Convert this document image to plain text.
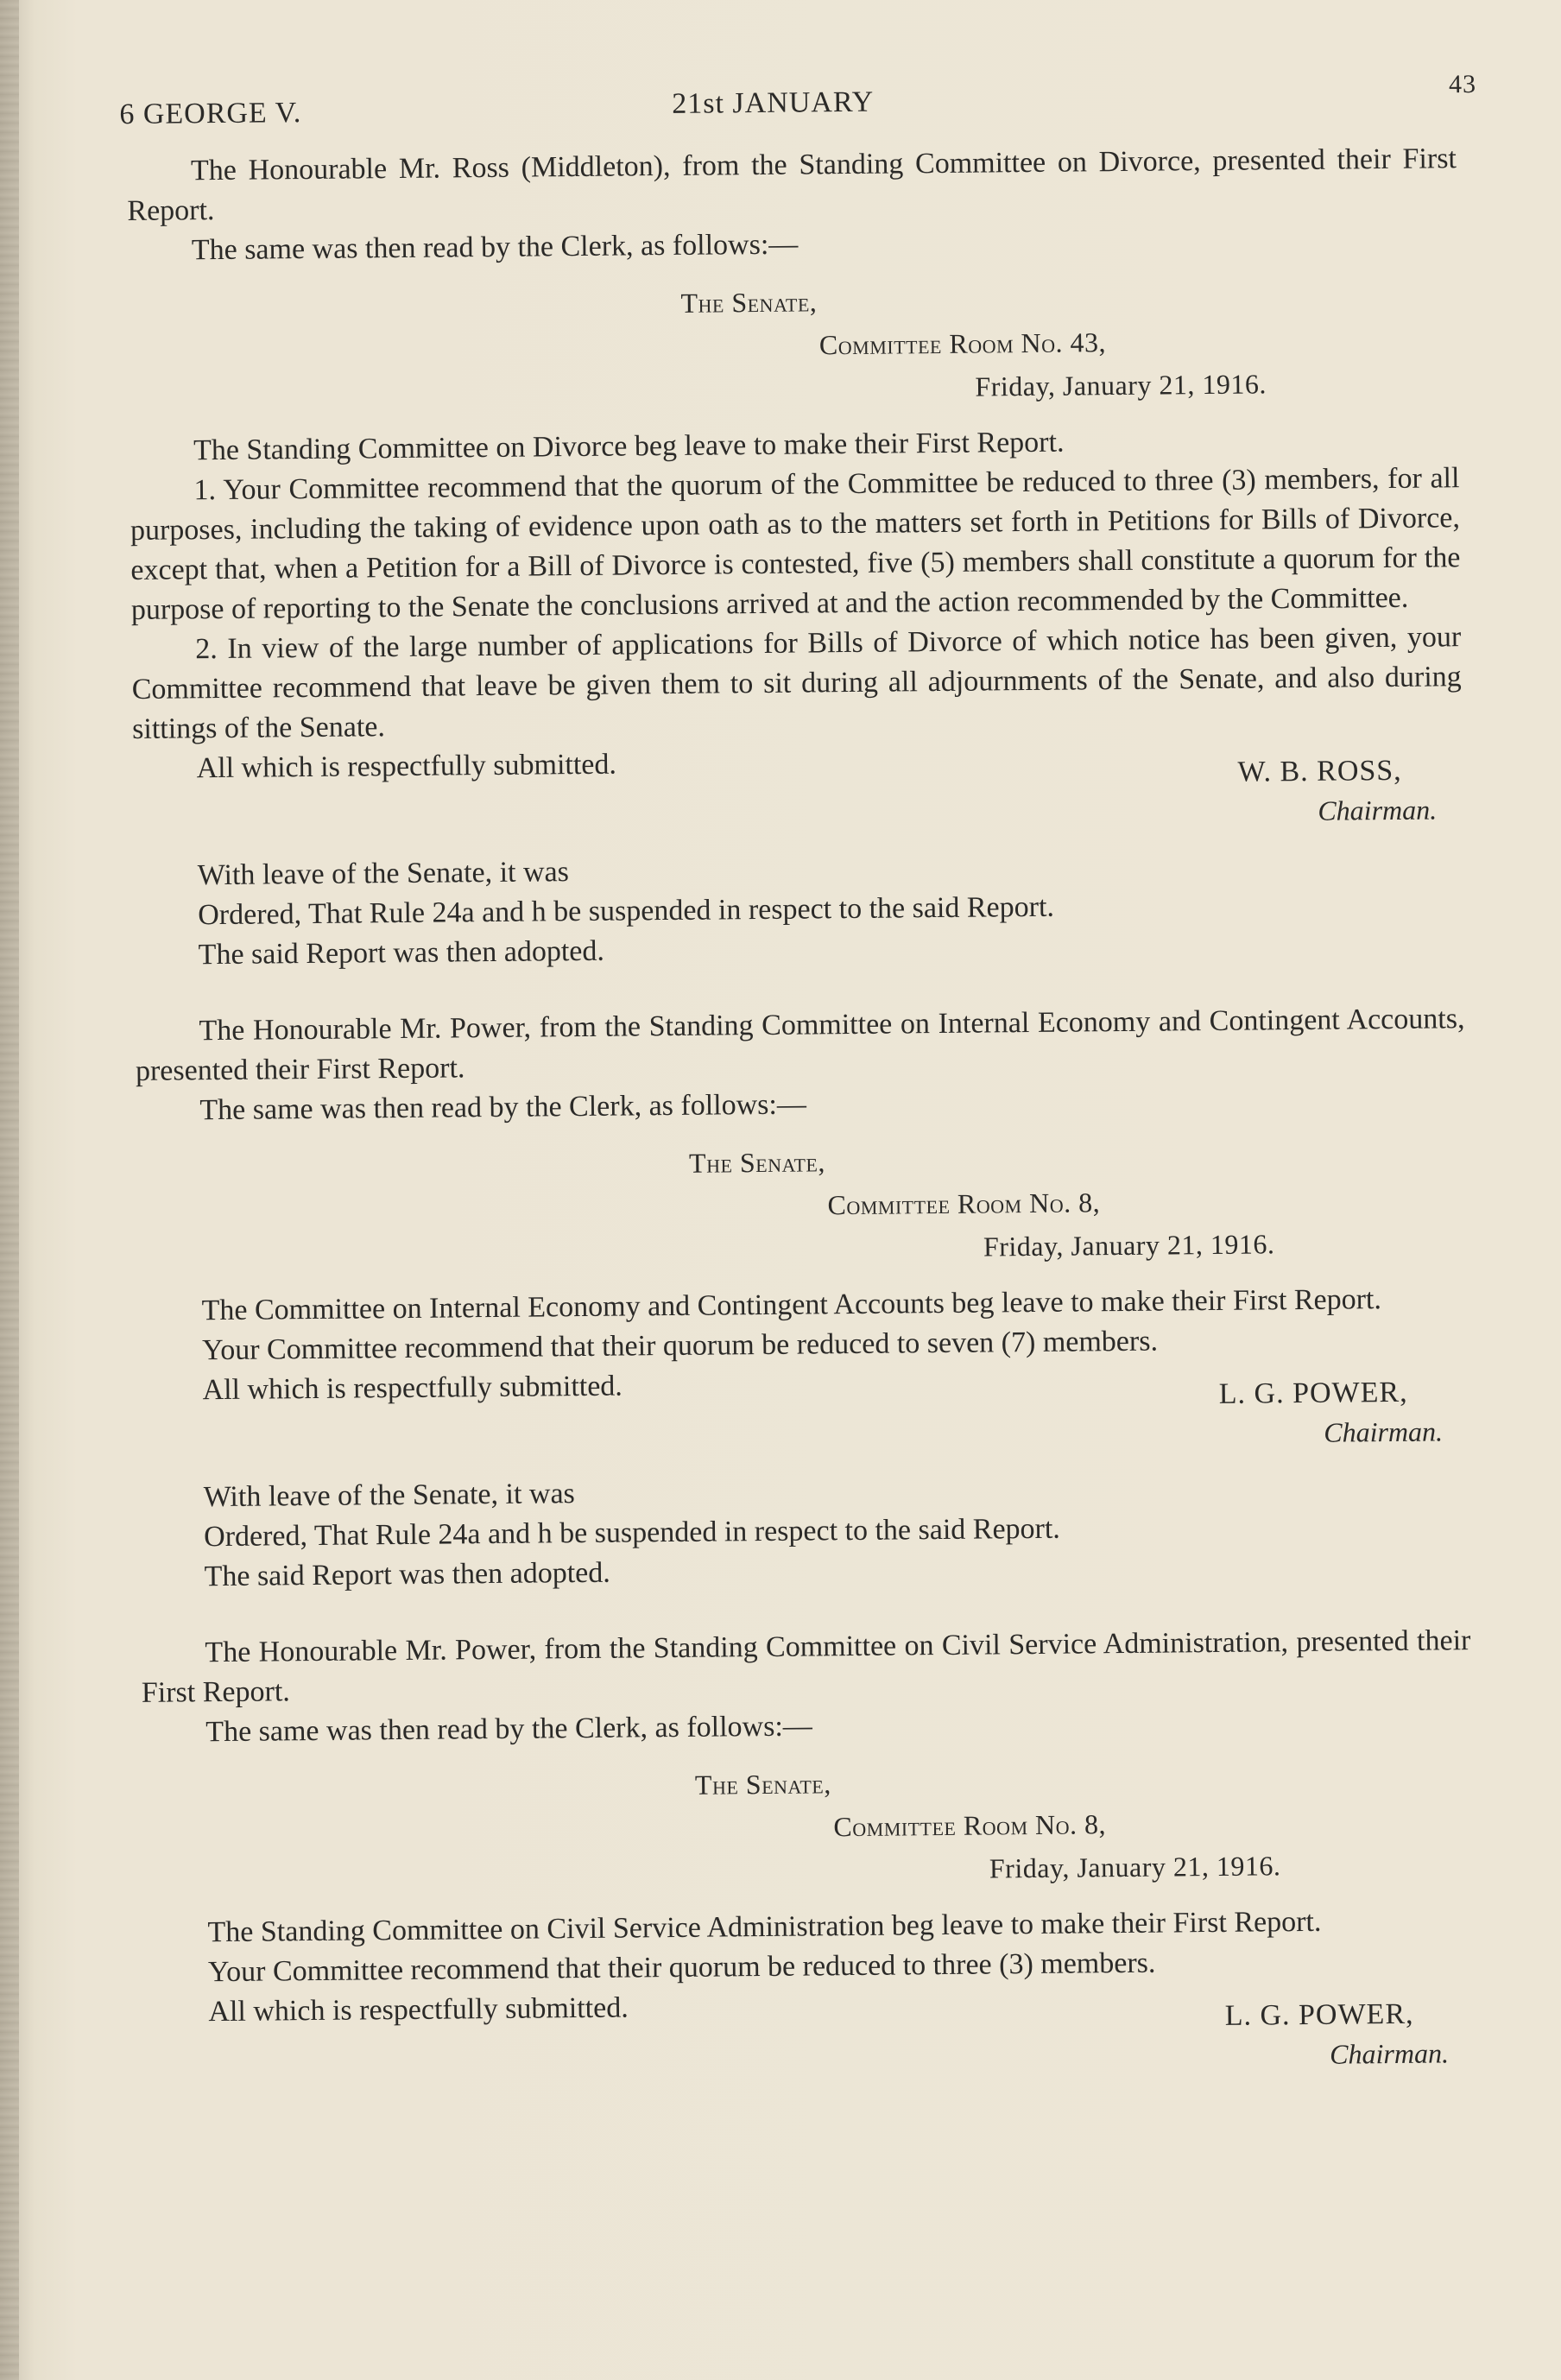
6 GEORGE V.	21st JANUARY
43

The Honourable Mr. Ross (Middleton), from the Standing Committee on Divorce, presented their First Report.

The same was then read by the Clerk, as follows:—

The Senate,

Committee Room No. 43,

Friday, January 21, 1916.

The Standing Committee on Divorce beg leave to make their First Report.

1. Your Committee recommend that the quorum of the Committee be reduced to three (3) members, for all purposes, including the taking of evidence upon oath as to the matters set forth in Petitions for Bills of Divorce, except that, when a Petition for a Bill of Divorce is contested, five (5) members shall constitute a quorum for the purpose of reporting to the Senate the conclusions arrived at and the action recommended by the Committee.

2. In view of the large number of applications for Bills of Divorce of which notice has been given, your Committee recommend that leave be given them to sit during all adjournments of the Senate, and also during sittings of the Senate.

All which is respectfully submitted.	W. B. ROSS,

Chairman.

With leave of the Senate, it was

Ordered, That Rule 24a and h be suspended in respect to the said Report.

The said Report was then adopted.

The Honourable Mr. Power, from the Standing Committee on Internal Economy and Contingent Accounts, presented their First Report.

The same was then read by the Clerk, as follows:—

The Senate,

Committee Room No. 8,

Friday, January 21, 1916.

The Committee on Internal Economy and Contingent Accounts beg leave to make their First Report.

Your Committee recommend that their quorum be reduced to seven (7) members.

All which is respectfully submitted.	L. G. POWER,

Chairman.

With leave of the Senate, it was

Ordered, That Rule 24a and h be suspended in respect to the said Report.

The said Report was then adopted.

The Honourable Mr. Power, from the Standing Committee on Civil Service Administration, presented their First Report.

The same was then read by the Clerk, as follows:—

The Senate,

Committee Room No. 8,

Friday, January 21, 1916.

The Standing Committee on Civil Service Administration beg leave to make their First Report.

Your Committee recommend that their quorum be reduced to three (3) members.

All which is respectfully submitted.	L. G. POWER,

Chairman.
